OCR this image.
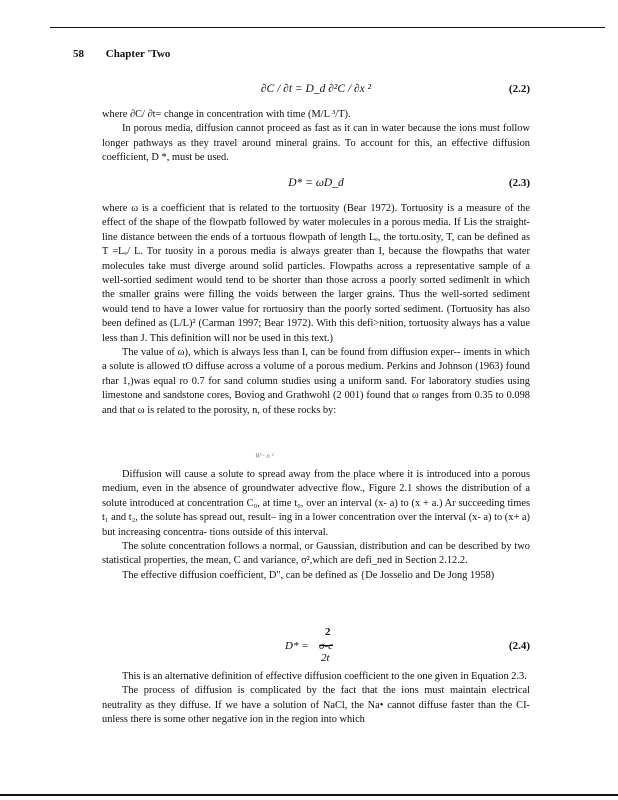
58 Chapter 'Two
∂C / ∂t = D_d ∂²C / ∂x ²	(2.2)

where ∂C/ ∂t= change in concentration with time (M/L ³/T).

In porous media, diffusion cannot proceed as fast as it can in water because the ions must follow longer pathways as they travel around mineral grains. To account for this, an effective diffusion coefficient, D *, must be used.

D* = ωD_d	(2.3)

where ω is a coefficient that is related to the tortuosity (Bear 1972). Tortuosity is a measure of the effect of the shape of the flowpatb followed by water molecules in a porous media. If Lis the straight-line distance between the ends of a tortuous flowpath of length Lₑ, the tortu.osity, T, can be defined as T =Lₑ/ L. Tor tuosity in a porous media is always greater than I, because the flowpaths that water molecules take must diverge around solid particles. Flowpaths across a representative sample of a well-sortied sediment would tend to be shorter than those across a poorly sorted sedimenlt in which the smaller grains were filling the voids between the larger grains. Thus the well-sorted sediment would tend to have a lower value for rortuosiry than the poorly sorted sediment. (Tortuosity has also been defined as (L/L)² (Carman 1997; Bear 1972). With this defi>nition, tortuosity always has a value less than J. This definition will nor be used in this text.)

The value of ω), which is always less than I, can be found from diffusion exper-- iments in which a solute is allowed tO diffuse across a volume of a porous medium. Perkins and Johnson (1963) found rhar 1,)was equal ro 0.7 for sand column studies using a uniform sand. For laboratory studies using limestone and sandstone cores, Boviog and Grathwohl (2 001) found that ω ranges from 0.35 to 0.098 and that ω is related to the porosity, n, of these rocks by:

W~ n ²

Diffusion will cause a solute to spread away from the place where it is introduced into a porous medium, even in the absence of groundwater advective flow., Figure 2.1 shows the distribution of a solute introduced at concentration C₀, at time t₀, over an interval (x- a) to (x + a.) Ar succeeding times t₁ and t₂, the solute has spread out, result– ing in a lower concentration over the interval (x- a) to (x+ a) but increasing concentra- tions outside of this interval.

The solute concentration follows a normal, or Gaussian, distribution and can be described by two statistical properties, the mean, C and variance, σ²,which are defi_ned in Section 2.12.2.

The effective diffusion coefficient, D", can be defined as {De Josselio and De Jong 1958)

D* =
2
σ-c
2t
(2.4)

This is an alternative definition of effective diffusion coefficient to the one given in Equation 2.3.

The process of diffusion is complicated by the fact that the ions must maintain electrical neutrality as they diffuse. If we have a solution of NaCl, the Na• cannot diffuse faster than the CI-unless there is some other negative ion in the region into which
